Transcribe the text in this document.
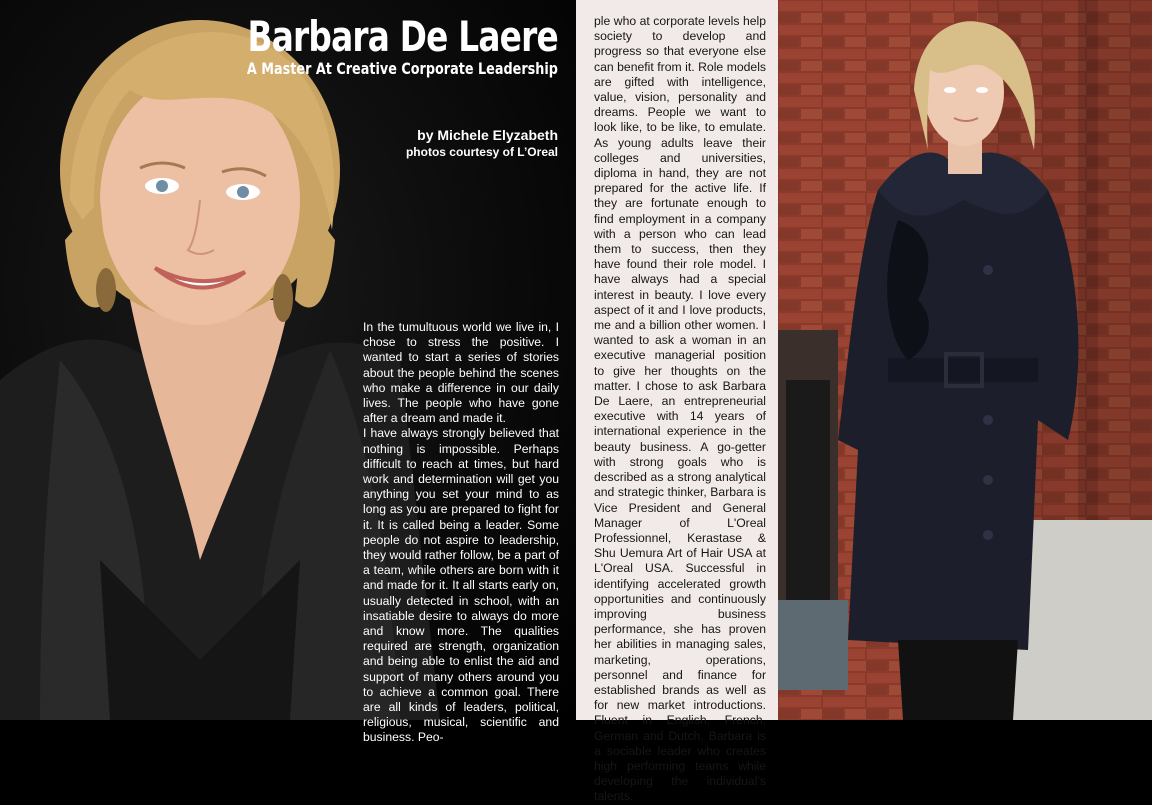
Barbara De Laere
A Master At Creative Corporate Leadership
by Michele Elyzabeth
photos courtesy of L’Oreal

In the tumultuous world we live in, I chose to stress the positive. I wanted to start a series of stories about the people behind the scenes who make a difference in our daily lives. The people who have gone after a dream and made it.

I have always strongly believed that nothing is impossible. Perhaps difficult to reach at times, but hard work and determination will get you anything you set your mind to as long as you are prepared to fight for it. It is called being a leader. Some people do not aspire to leadership, they would rather follow, be a part of a team, while others are born with it and made for it. It all starts early on, usually detected in school, with an insatiable desire to always do more and know more. The qualities required are strength, organization and being able to enlist the aid and support of many others around you to achieve a common goal. There are all kinds of leaders, political, religious, musical, scientific and business. Peo-

ple who at corporate levels help society to develop and progress so that everyone else can benefit from it. Role models are gifted with intelligence, value, vision, personality and dreams. People we want to look like, to be like, to emulate. As young adults leave their colleges and universities, diploma in hand, they are not prepared for the active life. If they are fortunate enough to find employment in a company with a person who can lead them to success, then they have found their role model. I have always had a special interest in beauty. I love every aspect of it and I love products, me and a billion other women. I wanted to ask a woman in an executive managerial position to give her thoughts on the matter. I chose to ask Barbara De Laere, an entrepreneurial executive with 14 years of international experience in the beauty business. A go-getter with strong goals who is described as a strong analytical and strategic thinker, Barbara is Vice President and General Manager of L'Oreal Professionnel, Kerastase & Shu Uemura Art of Hair USA at L'Oreal USA. Successful in identifying accelerated growth opportunities and continuously improving business performance, she has proven her abilities in managing sales, marketing, operations, personnel and finance for established brands as well as for new market introductions. Fluent in English, French, German and Dutch, Barbara is a sociable leader who creates high performing teams while developing the individual’s talents.
